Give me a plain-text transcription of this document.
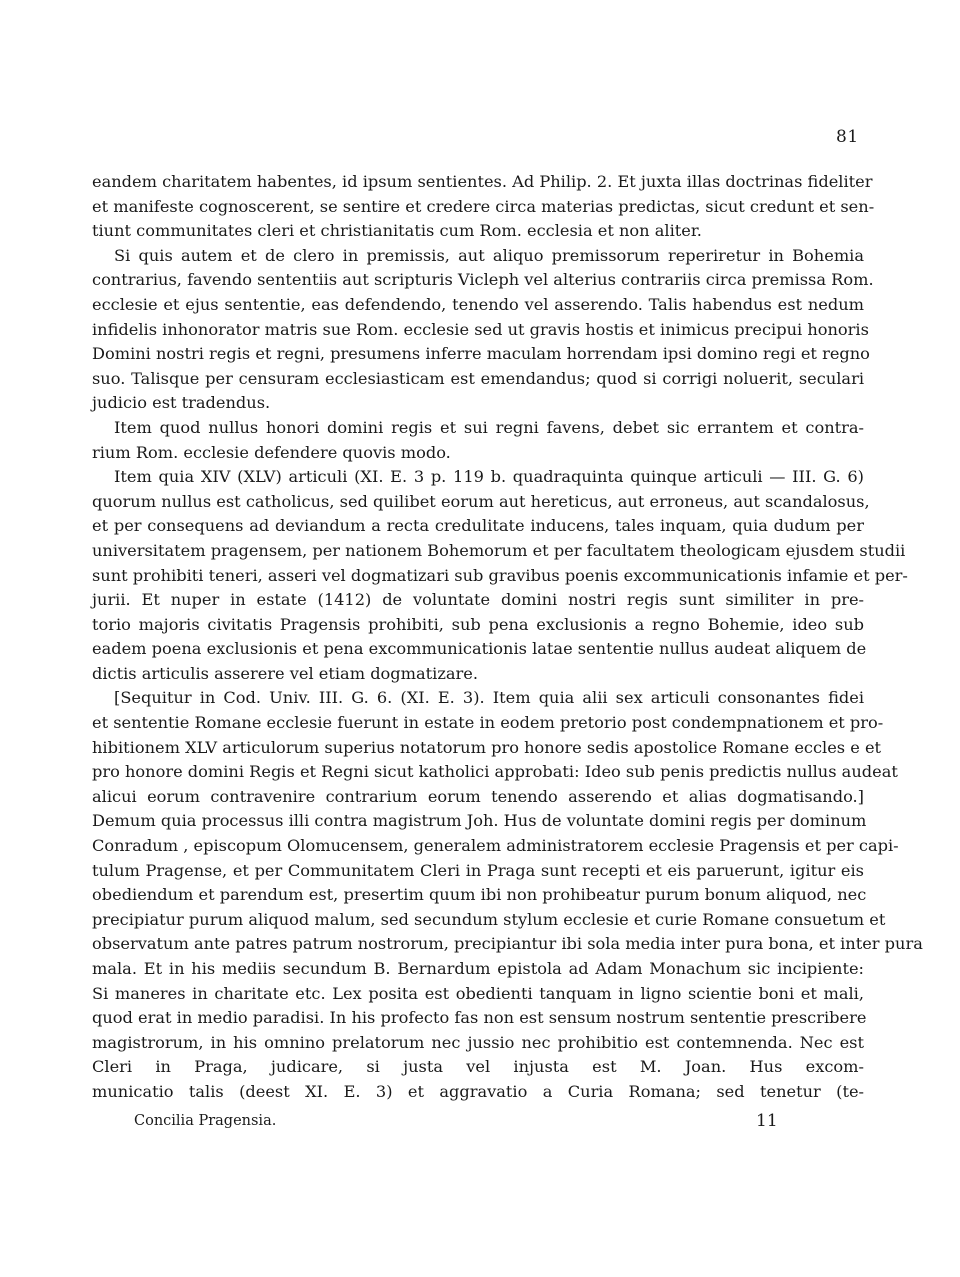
81
eandem charitatem habentes, id ipsum sentientes. Ad Philip. 2. Et juxta illas doctrinas fideliter
et manifeste cognoscerent, se sentire et credere circa materias predictas, sicut credunt et sen-
tiunt communitates cleri et christianitatis cum Rom. ecclesia et non aliter.
Si quis autem et de clero in premissis, aut aliquo premissorum reperiretur in Bohemia
contrarius, favendo sententiis aut scripturis Vicleph vel alterius contrariis circa premissa Rom.
ecclesie et ejus sententie, eas defendendo, tenendo vel asserendo. Talis habendus est nedum
infidelis inhonorator matris sue Rom. ecclesie sed ut gravis hostis et inimicus precipui honoris
Domini nostri regis et regni, presumens inferre maculam horrendam ipsi domino regi et regno
suo. Talisque per censuram ecclesiasticam est emendandus; quod si corrigi noluerit, seculari
judicio est tradendus.
Item quod nullus honori domini regis et sui regni favens, debet sic errantem et contra-
rium Rom. ecclesie defendere quovis modo.
Item quia XIV (XLV) articuli (XI. E. 3 p. 119 b. quadraquinta quinque articuli — III. G. 6)
quorum nullus est catholicus, sed quilibet eorum aut hereticus, aut erroneus, aut scandalosus,
et per consequens ad deviandum a recta credulitate inducens, tales inquam, quia dudum per
universitatem pragensem, per nationem Bohemorum et per facultatem theologicam ejusdem studii
sunt prohibiti teneri, asseri vel dogmatizari sub gravibus poenis excommunicationis infamie et per-
jurii. Et nuper in estate (1412) de voluntate domini nostri regis sunt similiter in pre-
torio majoris civitatis Pragensis prohibiti, sub pena exclusionis a regno Bohemie, ideo sub
eadem poena exclusionis et pena excommunicationis latae sententie nullus audeat aliquem de
dictis articulis asserere vel etiam dogmatizare.
[Sequitur in Cod. Univ. III. G. 6. (XI. E. 3). Item quia alii sex articuli consonantes fidei
et sententie Romane ecclesie fuerunt in estate in eodem pretorio post condempnationem et pro-
hibitionem XLV articulorum superius notatorum pro honore sedis apostolice Romane eccles e et
pro honore domini Regis et Regni sicut katholici approbati: Ideo sub penis predictis nullus audeat
alicui eorum contravenire contrarium eorum tenendo asserendo et alias dogmatisando.]
Demum quia processus illi contra magistrum Joh. Hus de voluntate domini regis per dominum
Conradum , episcopum Olomucensem, generalem administratorem ecclesie Pragensis et per capi-
tulum Pragense, et per Communitatem Cleri in Praga sunt recepti et eis paruerunt, igitur eis
obediendum et parendum est, presertim quum ibi non prohibeatur purum bonum aliquod, nec
precipiatur purum aliquod malum, sed secundum stylum ecclesie et curie Romane consuetum et
observatum ante patres patrum nostrorum, precipiantur ibi sola media inter pura bona, et inter pura
mala. Et in his mediis secundum B. Bernardum epistola ad Adam Monachum sic incipiente:
Si maneres in charitate etc. Lex posita est obedienti tanquam in ligno scientie boni et mali,
quod erat in medio paradisi. In his profecto fas non est sensum nostrum sententie prescribere
magistrorum, in his omnino prelatorum nec jussio nec prohibitio est contemnenda. Nec est
Cleri in Praga, judicare, si justa vel injusta est M. Joan. Hus excom-
municatio talis (deest XI. E. 3) et aggravatio a Curia Romana; sed tenetur (te-
Concilia Pragensia.	11
